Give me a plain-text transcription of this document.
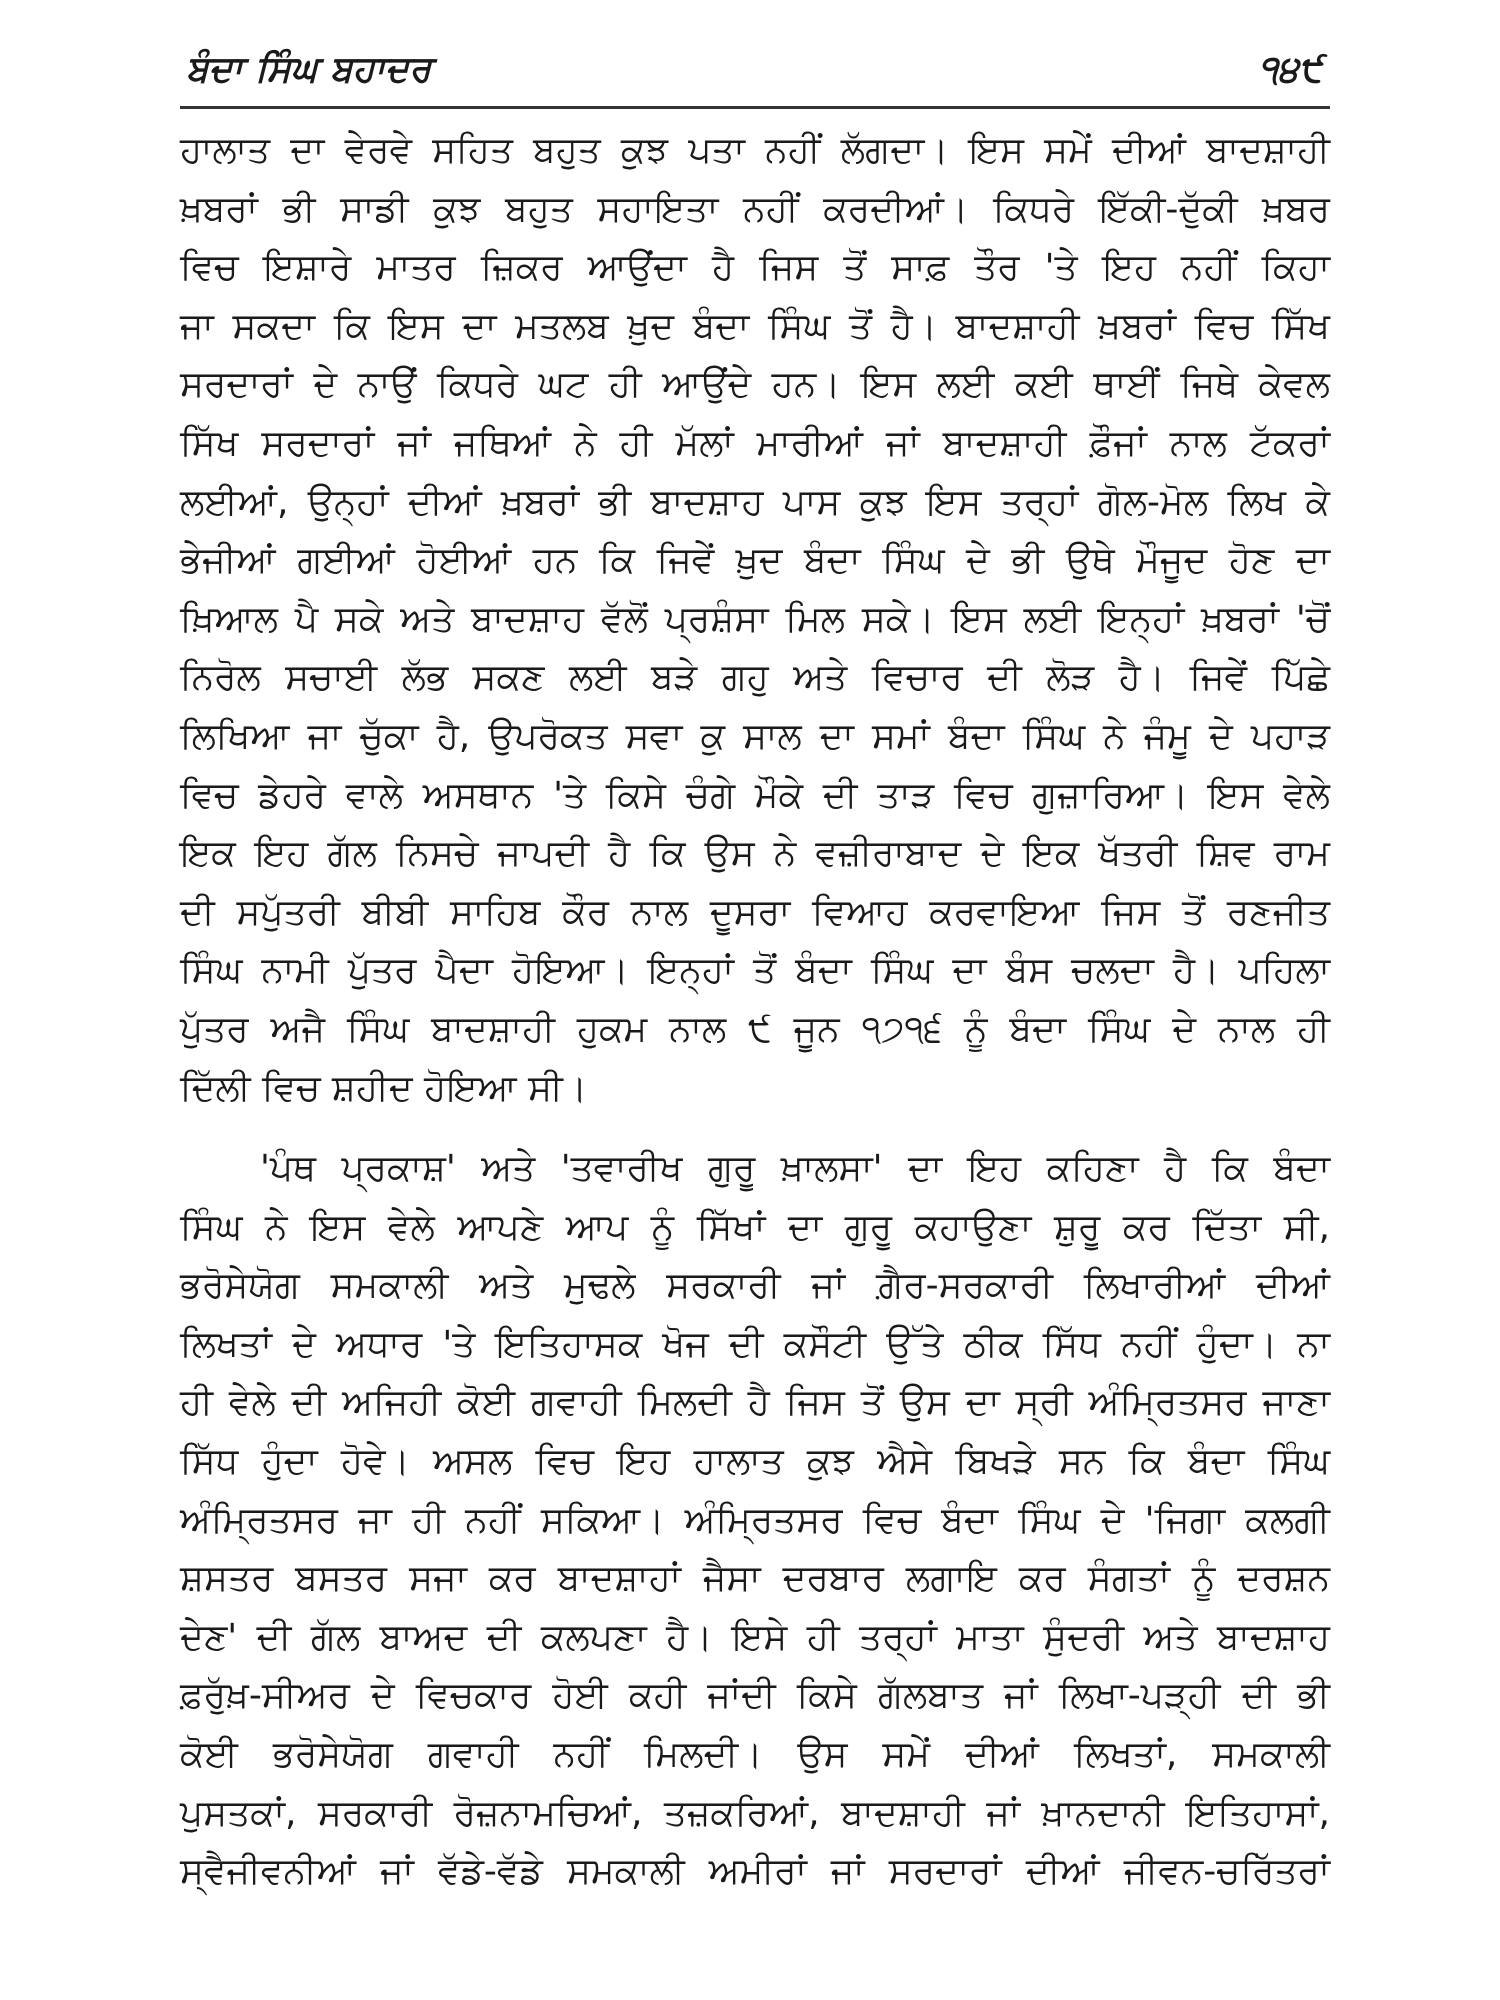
ਬੰਦਾ ਸਿੰਘ ਬਹਾਦਰ	੧੪੯
ਹਾਲਾਤ ਦਾ ਵੇਰਵੇ ਸਹਿਤ ਬਹੁਤ ਕੁਝ ਪਤਾ ਨਹੀਂ ਲੱਗਦਾ। ਇਸ ਸਮੇਂ ਦੀਆਂ ਬਾਦਸ਼ਾਹੀ
ਖ਼ਬਰਾਂ ਭੀ ਸਾਡੀ ਕੁਝ ਬਹੁਤ ਸਹਾਇਤਾ ਨਹੀਂ ਕਰਦੀਆਂ। ਕਿਧਰੇ ਇੱਕੀ-ਦੁੱਕੀ ਖ਼ਬਰ
ਵਿਚ ਇਸ਼ਾਰੇ ਮਾਤਰ ਜ਼ਿਕਰ ਆਉਂਦਾ ਹੈ ਜਿਸ ਤੋਂ ਸਾਫ਼ ਤੌਰ 'ਤੇ ਇਹ ਨਹੀਂ ਕਿਹਾ
ਜਾ ਸਕਦਾ ਕਿ ਇਸ ਦਾ ਮਤਲਬ ਖ਼ੁਦ ਬੰਦਾ ਸਿੰਘ ਤੋਂ ਹੈ। ਬਾਦਸ਼ਾਹੀ ਖ਼ਬਰਾਂ ਵਿਚ ਸਿੱਖ
ਸਰਦਾਰਾਂ ਦੇ ਨਾਉਂ ਕਿਧਰੇ ਘਟ ਹੀ ਆਉਂਦੇ ਹਨ। ਇਸ ਲਈ ਕਈ ਥਾਈਂ ਜਿਥੇ ਕੇਵਲ
ਸਿੱਖ ਸਰਦਾਰਾਂ ਜਾਂ ਜਥਿਆਂ ਨੇ ਹੀ ਮੱਲਾਂ ਮਾਰੀਆਂ ਜਾਂ ਬਾਦਸ਼ਾਹੀ ਫ਼ੌਜਾਂ ਨਾਲ ਟੱਕਰਾਂ
ਲਈਆਂ, ਉਨ੍ਹਾਂ ਦੀਆਂ ਖ਼ਬਰਾਂ ਭੀ ਬਾਦਸ਼ਾਹ ਪਾਸ ਕੁਝ ਇਸ ਤਰ੍ਹਾਂ ਗੋਲ-ਮੋਲ ਲਿਖ ਕੇ
ਭੇਜੀਆਂ ਗਈਆਂ ਹੋਈਆਂ ਹਨ ਕਿ ਜਿਵੇਂ ਖ਼ੁਦ ਬੰਦਾ ਸਿੰਘ ਦੇ ਭੀ ਉਥੇ ਮੌਜੂਦ ਹੋਣ ਦਾ
ਖ਼ਿਆਲ ਪੈ ਸਕੇ ਅਤੇ ਬਾਦਸ਼ਾਹ ਵੱਲੋਂ ਪ੍ਰਸ਼ੰਸਾ ਮਿਲ ਸਕੇ। ਇਸ ਲਈ ਇਨ੍ਹਾਂ ਖ਼ਬਰਾਂ 'ਚੋਂ
ਨਿਰੋਲ ਸਚਾਈ ਲੱਭ ਸਕਣ ਲਈ ਬੜੇ ਗਹੁ ਅਤੇ ਵਿਚਾਰ ਦੀ ਲੋੜ ਹੈ। ਜਿਵੇਂ ਪਿੱਛੇ
ਲਿਖਿਆ ਜਾ ਚੁੱਕਾ ਹੈ, ਉਪਰੋਕਤ ਸਵਾ ਕੁ ਸਾਲ ਦਾ ਸਮਾਂ ਬੰਦਾ ਸਿੰਘ ਨੇ ਜੰਮੂ ਦੇ ਪਹਾੜ
ਵਿਚ ਡੇਹਰੇ ਵਾਲੇ ਅਸਥਾਨ 'ਤੇ ਕਿਸੇ ਚੰਗੇ ਮੌਕੇ ਦੀ ਤਾੜ ਵਿਚ ਗੁਜ਼ਾਰਿਆ। ਇਸ ਵੇਲੇ
ਇਕ ਇਹ ਗੱਲ ਨਿਸਚੇ ਜਾਪਦੀ ਹੈ ਕਿ ਉਸ ਨੇ ਵਜ਼ੀਰਾਬਾਦ ਦੇ ਇਕ ਖੱਤਰੀ ਸ਼ਿਵ ਰਾਮ
ਦੀ ਸਪੁੱਤਰੀ ਬੀਬੀ ਸਾਹਿਬ ਕੌਰ ਨਾਲ ਦੂਸਰਾ ਵਿਆਹ ਕਰਵਾਇਆ ਜਿਸ ਤੋਂ ਰਣਜੀਤ
ਸਿੰਘ ਨਾਮੀ ਪੁੱਤਰ ਪੈਦਾ ਹੋਇਆ। ਇਨ੍ਹਾਂ ਤੋਂ ਬੰਦਾ ਸਿੰਘ ਦਾ ਬੰਸ ਚਲਦਾ ਹੈ। ਪਹਿਲਾ
ਪੁੱਤਰ ਅਜੈ ਸਿੰਘ ਬਾਦਸ਼ਾਹੀ ਹੁਕਮ ਨਾਲ ੯ ਜੂਨ ੧੭੧੬ ਨੂੰ ਬੰਦਾ ਸਿੰਘ ਦੇ ਨਾਲ ਹੀ
ਦਿੱਲੀ ਵਿਚ ਸ਼ਹੀਦ ਹੋਇਆ ਸੀ।
'ਪੰਥ ਪ੍ਰਕਾਸ਼' ਅਤੇ 'ਤਵਾਰੀਖ ਗੁਰੂ ਖ਼ਾਲਸਾ' ਦਾ ਇਹ ਕਹਿਣਾ ਹੈ ਕਿ ਬੰਦਾ
ਸਿੰਘ ਨੇ ਇਸ ਵੇਲੇ ਆਪਣੇ ਆਪ ਨੂੰ ਸਿੱਖਾਂ ਦਾ ਗੁਰੂ ਕਹਾਉਣਾ ਸ਼ੁਰੂ ਕਰ ਦਿੱਤਾ ਸੀ,
ਭਰੋਸੇਯੋਗ ਸਮਕਾਲੀ ਅਤੇ ਮੁਢਲੇ ਸਰਕਾਰੀ ਜਾਂ ਗ਼ੈਰ-ਸਰਕਾਰੀ ਲਿਖਾਰੀਆਂ ਦੀਆਂ
ਲਿਖਤਾਂ ਦੇ ਅਧਾਰ 'ਤੇ ਇਤਿਹਾਸਕ ਖੋਜ ਦੀ ਕਸੌਟੀ ਉੱਤੇ ਠੀਕ ਸਿੱਧ ਨਹੀਂ ਹੁੰਦਾ। ਨਾ
ਹੀ ਵੇਲੇ ਦੀ ਅਜਿਹੀ ਕੋਈ ਗਵਾਹੀ ਮਿਲਦੀ ਹੈ ਜਿਸ ਤੋਂ ਉਸ ਦਾ ਸ੍ਰੀ ਅੰਮ੍ਰਿਤਸਰ ਜਾਣਾ
ਸਿੱਧ ਹੁੰਦਾ ਹੋਵੇ। ਅਸਲ ਵਿਚ ਇਹ ਹਾਲਾਤ ਕੁਝ ਐਸੇ ਬਿਖੜੇ ਸਨ ਕਿ ਬੰਦਾ ਸਿੰਘ
ਅੰਮ੍ਰਿਤਸਰ ਜਾ ਹੀ ਨਹੀਂ ਸਕਿਆ। ਅੰਮ੍ਰਿਤਸਰ ਵਿਚ ਬੰਦਾ ਸਿੰਘ ਦੇ 'ਜਿਗਾ ਕਲਗੀ
ਸ਼ਸਤਰ ਬਸਤਰ ਸਜਾ ਕਰ ਬਾਦਸ਼ਾਹਾਂ ਜੈਸਾ ਦਰਬਾਰ ਲਗਾਇ ਕਰ ਸੰਗਤਾਂ ਨੂੰ ਦਰਸ਼ਨ
ਦੇਣ' ਦੀ ਗੱਲ ਬਾਅਦ ਦੀ ਕਲਪਣਾ ਹੈ। ਇਸੇ ਹੀ ਤਰ੍ਹਾਂ ਮਾਤਾ ਸੁੰਦਰੀ ਅਤੇ ਬਾਦਸ਼ਾਹ
ਫ਼ਰੁੱਖ਼-ਸੀਅਰ ਦੇ ਵਿਚਕਾਰ ਹੋਈ ਕਹੀ ਜਾਂਦੀ ਕਿਸੇ ਗੱਲਬਾਤ ਜਾਂ ਲਿਖਾ-ਪੜ੍ਹੀ ਦੀ ਭੀ
ਕੋਈ ਭਰੋਸੇਯੋਗ ਗਵਾਹੀ ਨਹੀਂ ਮਿਲਦੀ। ਉਸ ਸਮੇਂ ਦੀਆਂ ਲਿਖਤਾਂ, ਸਮਕਾਲੀ
ਪੁਸਤਕਾਂ, ਸਰਕਾਰੀ ਰੋਜ਼ਨਾਮਚਿਆਂ, ਤਜ਼ਕਰਿਆਂ, ਬਾਦਸ਼ਾਹੀ ਜਾਂ ਖ਼ਾਨਦਾਨੀ ਇਤਿਹਾਸਾਂ,
ਸ੍ਵੈਜੀਵਨੀਆਂ ਜਾਂ ਵੱਡੇ-ਵੱਡੇ ਸਮਕਾਲੀ ਅਮੀਰਾਂ ਜਾਂ ਸਰਦਾਰਾਂ ਦੀਆਂ ਜੀਵਨ-ਚਰਿੱਤਰਾਂ
